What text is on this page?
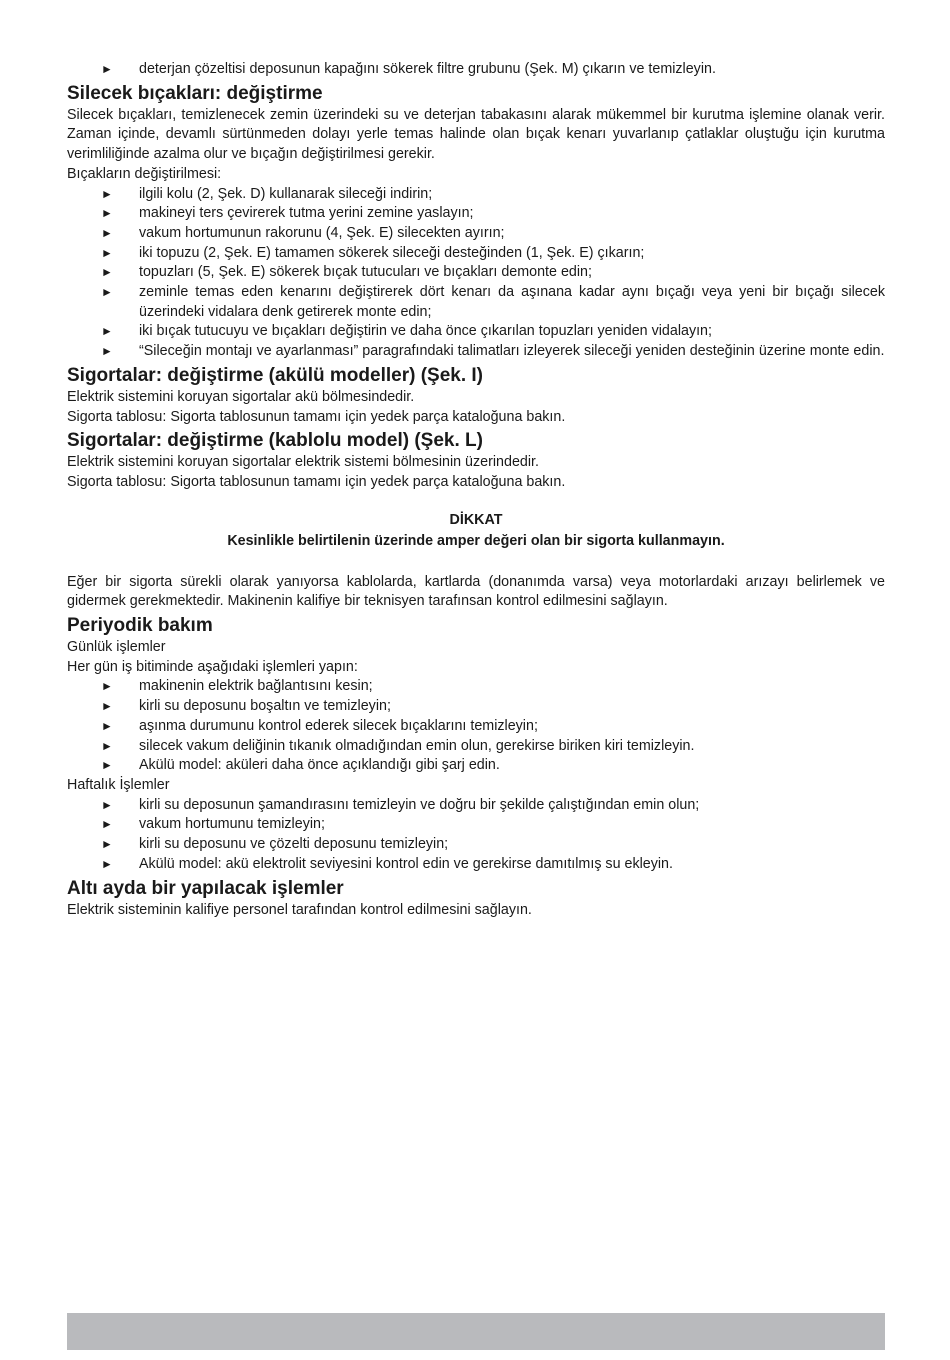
► deterjan çözeltisi deposunun kapağını sökerek filtre grubunu (Şek. M) çıkarın ve temizleyin.
Silecek bıçakları: değiştirme

Silecek bıçakları, temizlenecek zemin üzerindeki su ve deterjan tabakasını alarak mükemmel bir kurutma işlemine olanak verir. Zaman içinde, devamlı sürtünmeden dolayı yerle temas halinde olan bıçak kenarı yuvarlanıp çatlaklar oluştuğu için kurutma verimliliğinde azalma olur ve bıçağın değiştirilmesi gerekir.

Bıçakların değiştirilmesi:

► ilgili kolu (2, Şek. D) kullanarak sileceği indirin;
► makineyi ters çevirerek tutma yerini zemine yaslayın;
► vakum hortumunun rakorunu (4, Şek. E) silecekten ayırın;
► iki topuzu (2, Şek. E) tamamen sökerek sileceği desteğinden (1, Şek. E) çıkarın;
► topuzları (5, Şek. E) sökerek bıçak tutucuları ve bıçakları demonte edin;
► zeminle temas eden kenarını değiştirerek dört kenarı da aşınana kadar aynı bıçağı veya yeni bir bıçağı silecek üzerindeki vidalara denk getirerek monte edin;
► iki bıçak tutucuyu ve bıçakları değiştirin ve daha önce çıkarılan topuzları yeniden vidalayın;
► “Sileceğin montajı ve ayarlanması” paragrafındaki talimatları izleyerek sileceği yeniden desteğinin üzerine monte edin.
Sigortalar: değiştirme (akülü modeller) (Şek. I)

Elektrik sistemini koruyan sigortalar akü bölmesindedir.

Sigorta tablosu: Sigorta tablosunun tamamı için yedek parça kataloğuna bakın.

Sigortalar: değiştirme (kablolu model) (Şek. L)

Elektrik sistemini koruyan sigortalar elektrik sistemi bölmesinin üzerindedir.

Sigorta tablosu: Sigorta tablosunun tamamı için yedek parça kataloğuna bakın.

DİKKAT
Kesinlikle belirtilenin üzerinde amper değeri olan bir sigorta kullanmayın.

Eğer bir sigorta sürekli olarak yanıyorsa kablolarda, kartlarda (donanımda varsa) veya motorlardaki arızayı belirlemek ve gidermek gerekmektedir. Makinenin kalifiye bir teknisyen tarafınsan kontrol edilmesini sağlayın.

Periyodik bakım

Günlük işlemler

Her gün iş bitiminde aşağıdaki işlemleri yapın:

► makinenin elektrik bağlantısını kesin;
► kirli su deposunu boşaltın ve temizleyin;
► aşınma durumunu kontrol ederek silecek bıçaklarını temizleyin;
► silecek vakum deliğinin tıkanık olmadığından emin olun, gerekirse biriken kiri temizleyin.
► Akülü model: aküleri daha önce açıklandığı gibi şarj edin.

Haftalık İşlemler

► kirli su deposunun şamandırasını temizleyin ve doğru bir şekilde çalıştığından emin olun;
► vakum hortumunu temizleyin;
► kirli su deposunu ve çözelti deposunu temizleyin;
► Akülü model: akü elektrolit seviyesini kontrol edin ve gerekirse damıtılmış su ekleyin.
Altı ayda bir yapılacak işlemler

Elektrik sisteminin kalifiye personel tarafından kontrol edilmesini sağlayın.
